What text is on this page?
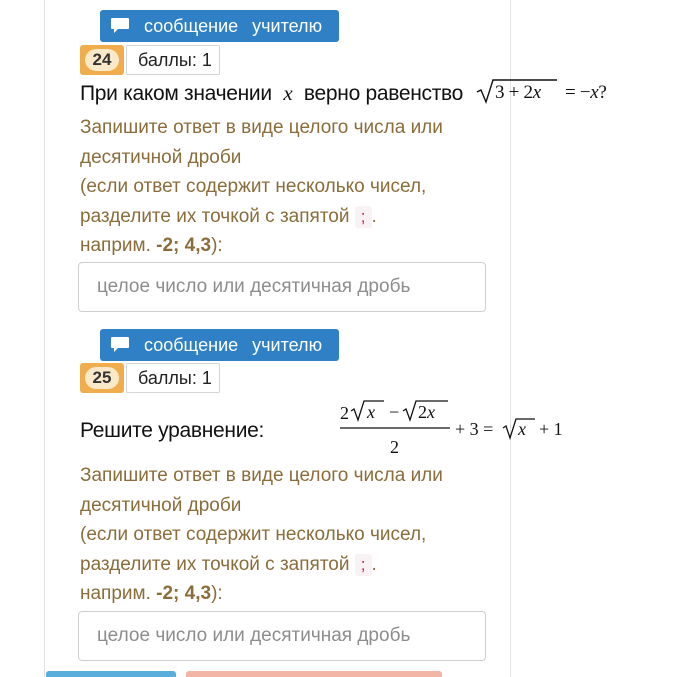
сообщение учителю
24	баллы: 1
При каком значении x верно равенство 3 + 2x = −x?
Запишите ответ в виде целого числа или десятичной дроби
(если ответ содержит несколько чисел, разделите их точкой с запятой ; .
наприм. -2; 4,3):
целое число или десятичная дробь
сообщение учителю
25	баллы: 1
Решите уравнение:
2 x − 2x
2
+ 3 = x + 1
Запишите ответ в виде целого числа или десятичной дроби
(если ответ содержит несколько чисел, разделите их точкой с запятой ; .
наприм. -2; 4,3):
целое число или десятичная дробь
